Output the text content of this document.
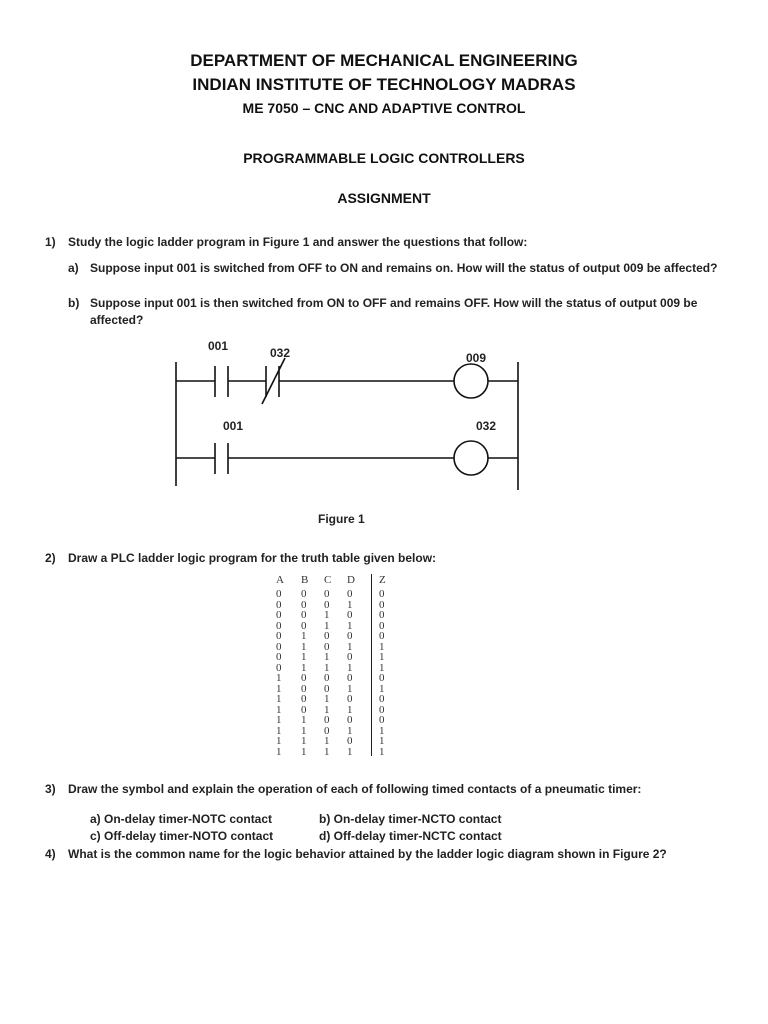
DEPARTMENT OF MECHANICAL ENGINEERING
INDIAN INSTITUTE OF TECHNOLOGY MADRAS
ME 7050 – CNC AND ADAPTIVE CONTROL
PROGRAMMABLE LOGIC CONTROLLERS
ASSIGNMENT
1) Study the logic ladder program in Figure 1 and answer the questions that follow:
a) Suppose input 001 is switched from OFF to ON and remains on. How will the status of output 009 be affected?
b) Suppose input 001 is then switched from ON to OFF and remains OFF. How will the status of output 009 be
affected?
001	032	009
001	032
Figure 1
2) Draw a PLC ladder logic program for the truth table given below:
A B C D Z
0 0 0 0 0
0 0 0 1 0
0 0 1 0 0
0 0 1 1 0
0 1 0 0 0
0 1 0 1 1
0 1 1 0 1
0 1 1 1 1
1 0 0 0 0
1 0 0 1 1
1 0 1 0 0
1 0 1 1 0
1 1 0 0 0
1 1 0 1 1
1 1 1 0 1
1 1 1 1 1
3) Draw the symbol and explain the operation of each of following timed contacts of a pneumatic timer:
a) On-delay timer-NOTC contact	b) On-delay timer-NCTO contact
c) Off-delay timer-NOTO contact	d) Off-delay timer-NCTC contact
4) What is the common name for the logic behavior attained by the ladder logic diagram shown in Figure 2?
